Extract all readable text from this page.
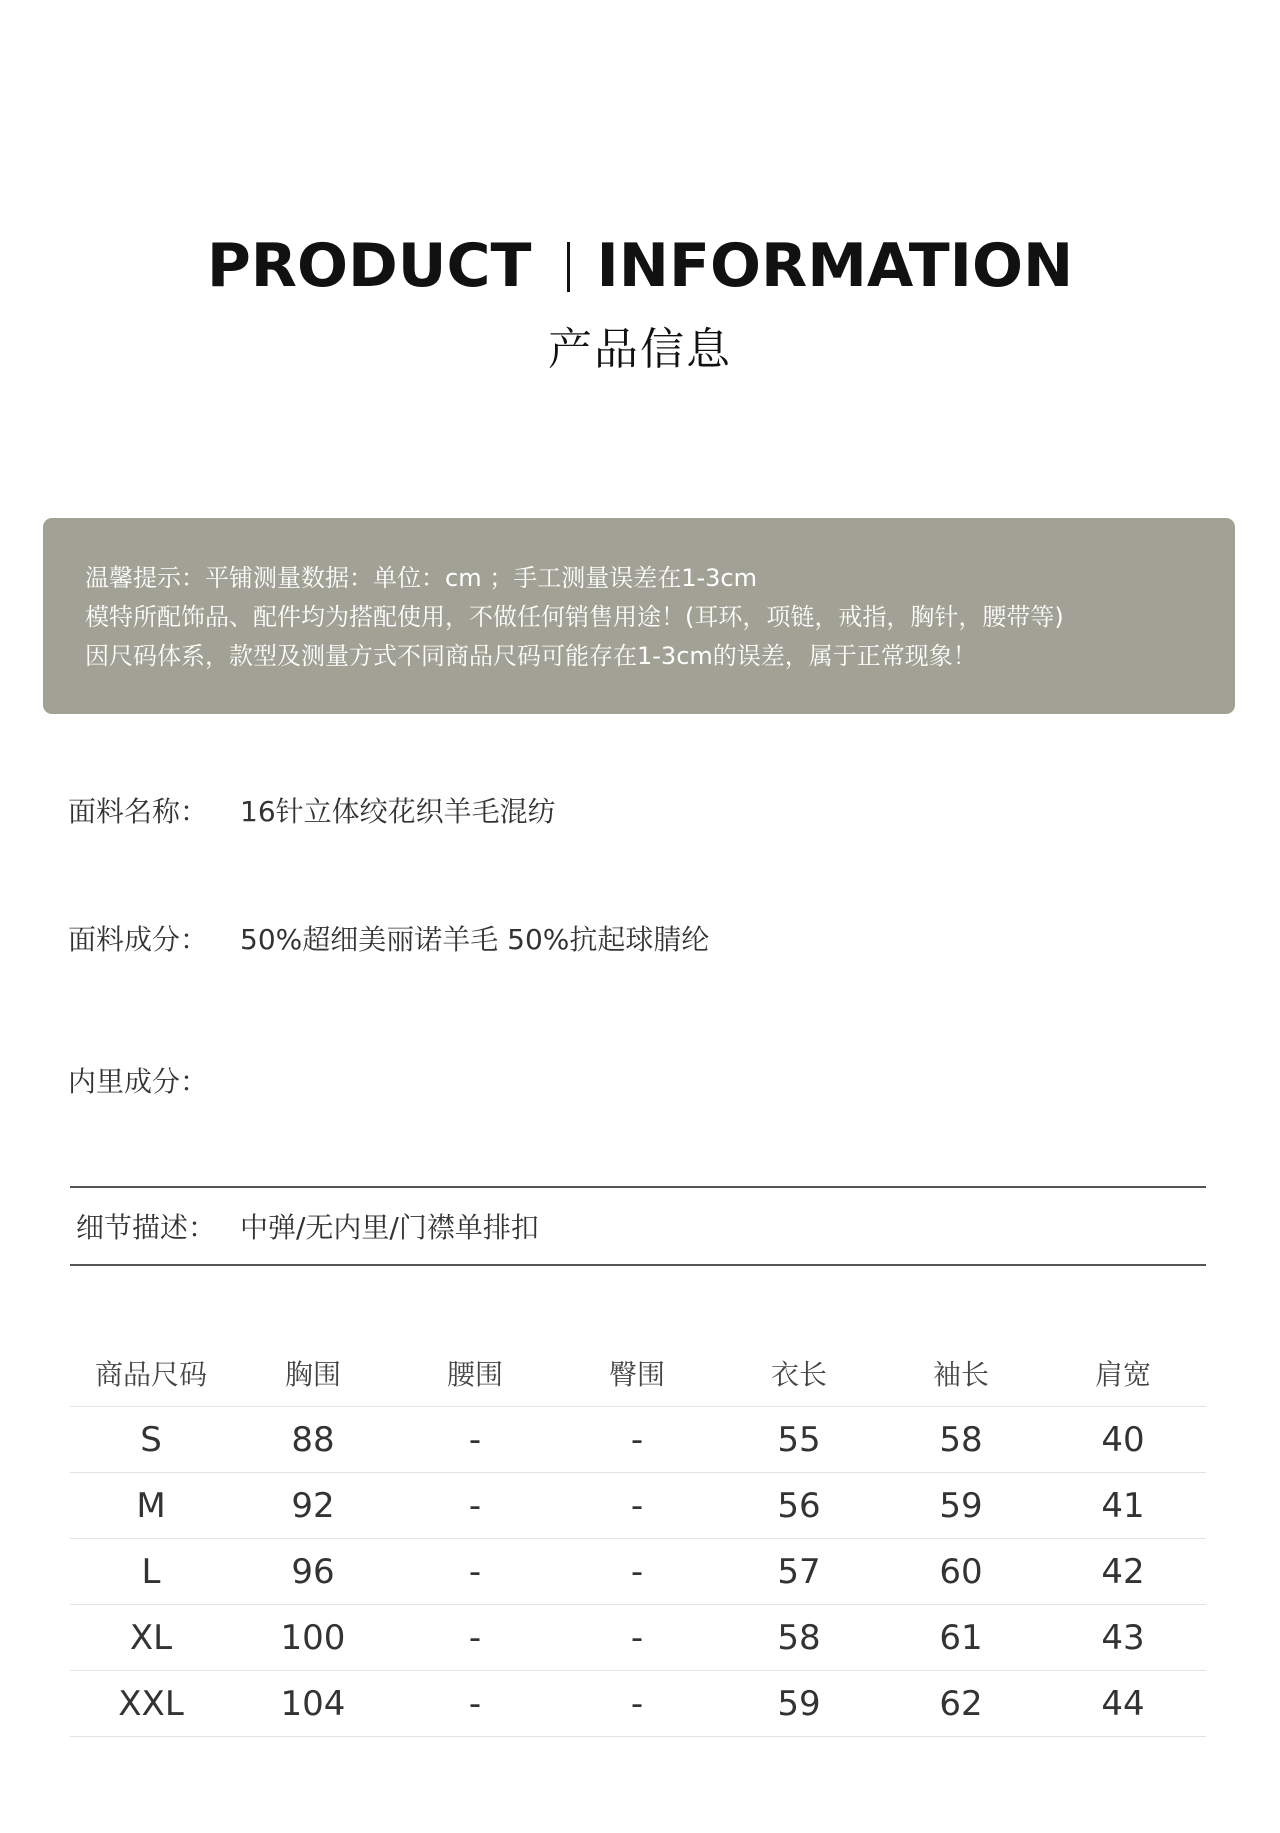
PRODUCT INFORMATION
产品信息
温馨提示：平铺测量数据：单位：cm ；手工测量误差在1-3cm
模特所配饰品、配件均为搭配使用，不做任何销售用途！(耳环，项链，戒指，胸针，腰带等)
因尺码体系，款型及测量方式不同商品尺码可能存在1-3cm的误差，属于正常现象！
面料名称： 16针立体绞花织羊毛混纺
面料成分： 50%超细美丽诺羊毛 50%抗起球腈纶
内里成分：
细节描述： 中弹/无内里/门襟单排扣
商品尺码	胸围	腰围	臀围	衣长	袖长	肩宽
S	88	-	-	55	58	40
M	92	-	-	56	59	41
L	96	-	-	57	60	42
XL	100	-	-	58	61	43
XXL	104	-	-	59	62	44
